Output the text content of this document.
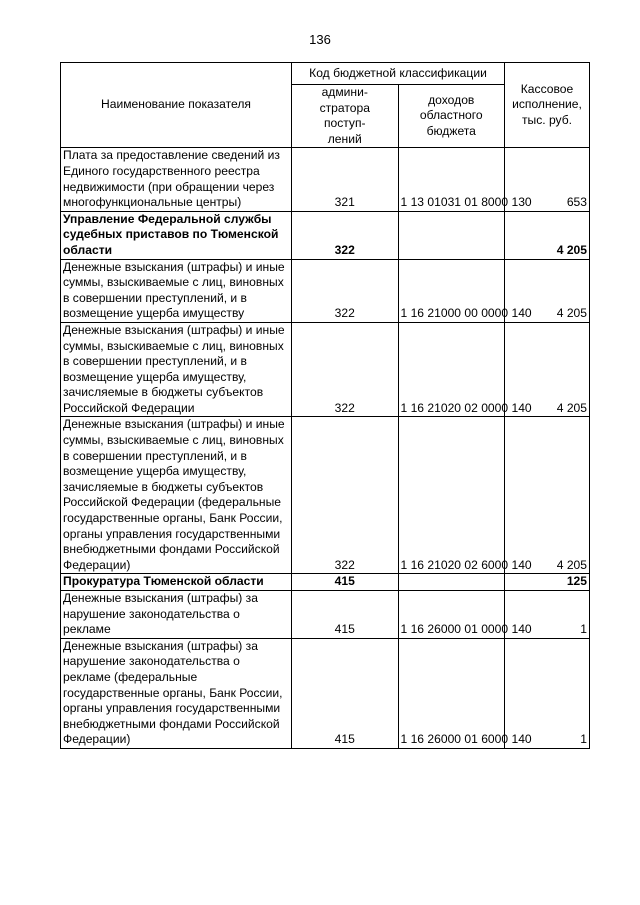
136
Наименование показателя	Код бюджетной классификации		Кассовое
исполнение,
тыс. руб.
	админи-
стратора
поступ-
лений	доходов
областного
бюджета	
Плата за предоставление сведений из Единого государственного реестра недвижимости (при обращении через многофункциональные центры)	321	1 13 01031 01 8000 130	653
Управление Федеральной службы судебных приставов по Тюменской области	322		4 205
Денежные взыскания (штрафы) и иные суммы, взыскиваемые с лиц, виновных в совершении преступлений, и в возмещение ущерба имуществу	322	1 16 21000 00 0000 140	4 205
Денежные взыскания (штрафы) и иные суммы, взыскиваемые с лиц, виновных в совершении преступлений, и в возмещение ущерба имуществу, зачисляемые в бюджеты субъектов Российской Федерации	322	1 16 21020 02 0000 140	4 205
Денежные взыскания (штрафы) и иные суммы, взыскиваемые с лиц, виновных в совершении преступлений, и в возмещение ущерба имуществу, зачисляемые в бюджеты субъектов Российской Федерации (федеральные государственные органы, Банк России, органы управления государственными внебюджетными фондами Российской Федерации)	322	1 16 21020 02 6000 140	4 205
Прокуратура Тюменской области	415		125
Денежные взыскания (штрафы) за нарушение законодательства о рекламе	415	1 16 26000 01 0000 140	1
Денежные взыскания (штрафы) за нарушение законодательства о рекламе (федеральные государственные органы, Банк России, органы управления государственными внебюджетными фондами Российской Федерации)	415	1 16 26000 01 6000 140	1
